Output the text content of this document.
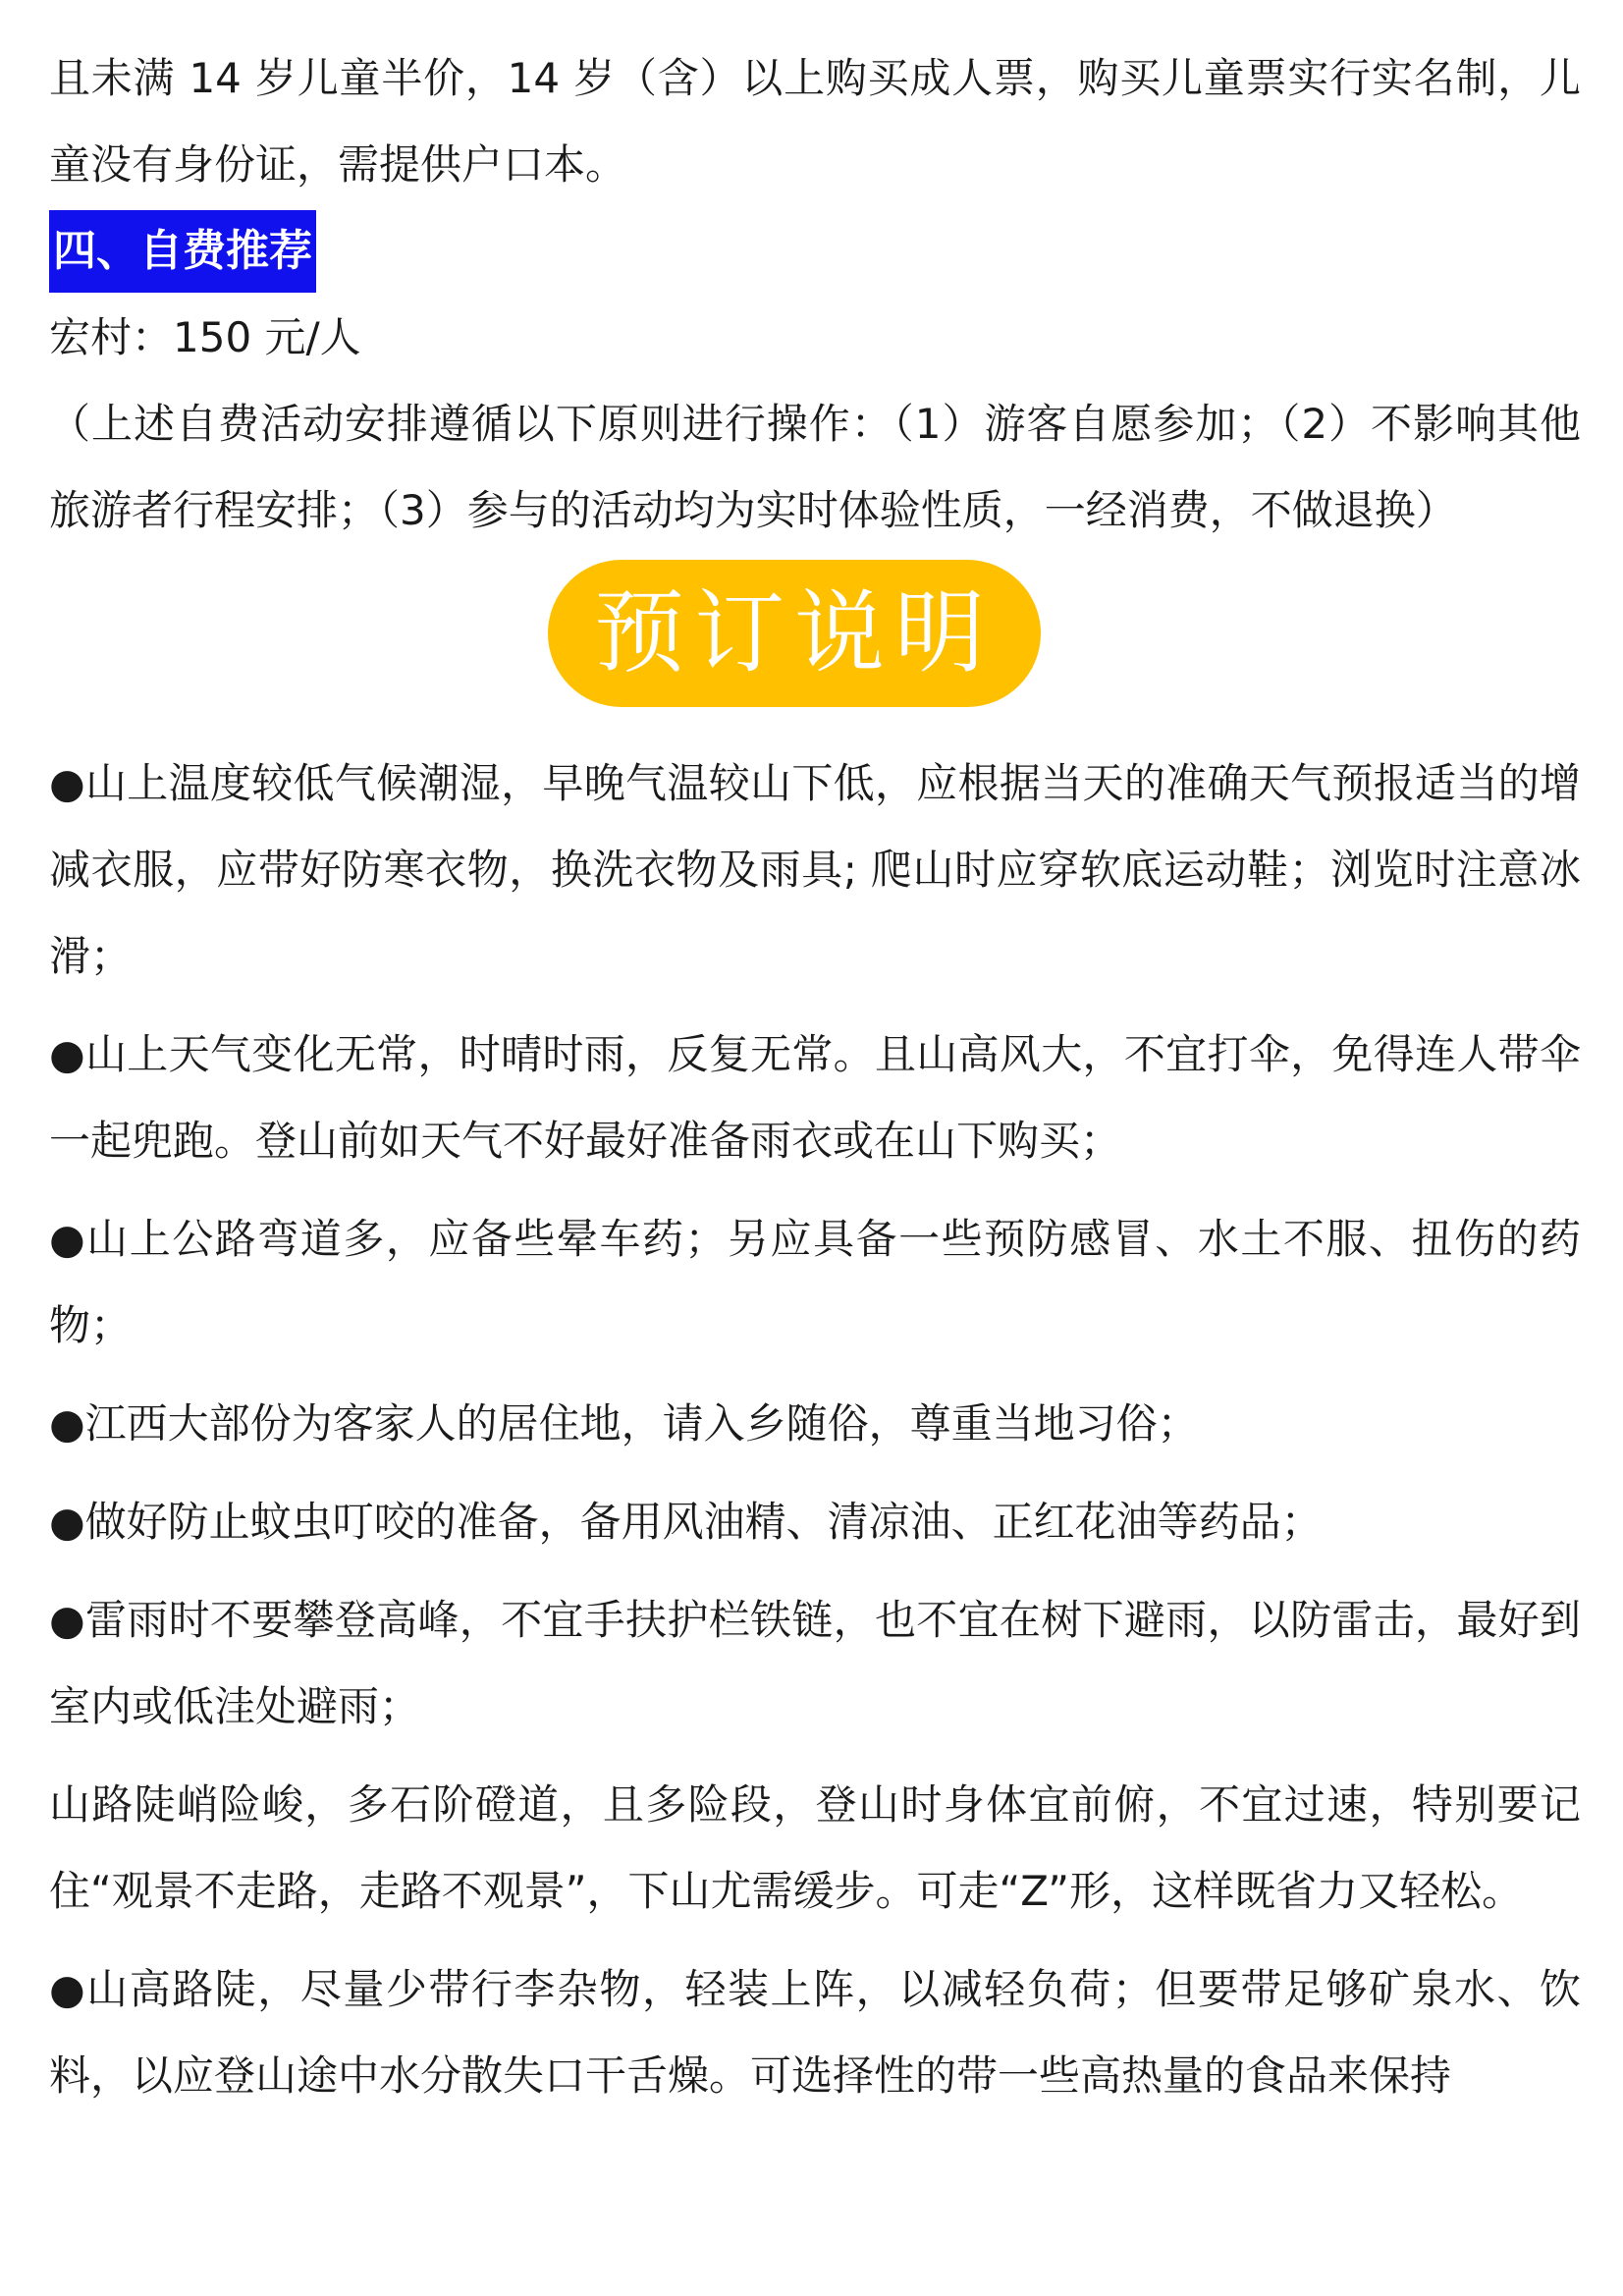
且未满 14 岁儿童半价，14 岁（含）以上购买成人票，购买儿童票实行实名制，儿童没有身份证，需提供户口本。

四、自费推荐

宏村：150 元/人

（上述自费活动安排遵循以下原则进行操作：（1）游客自愿参加；（2）不影响其他旅游者行程安排；（3）参与的活动均为实时体验性质，一经消费，不做退换）

预订说明

●山上温度较低气候潮湿，早晚气温较山下低，应根据当天的准确天气预报适当的增减衣服，应带好防寒衣物，换洗衣物及雨具; 爬山时应穿软底运动鞋；浏览时注意冰滑；

●山上天气变化无常，时晴时雨，反复无常。且山高风大，不宜打伞，免得连人带伞一起兜跑。登山前如天气不好最好准备雨衣或在山下购买；

●山上公路弯道多，应备些晕车药；另应具备一些预防感冒、水土不服、扭伤的药物；

●江西大部份为客家人的居住地，请入乡随俗，尊重当地习俗；

●做好防止蚊虫叮咬的准备，备用风油精、清凉油、正红花油等药品；

●雷雨时不要攀登高峰，不宜手扶护栏铁链，也不宜在树下避雨，以防雷击，最好到室内或低洼处避雨；

山路陡峭险峻，多石阶磴道，且多险段，登山时身体宜前俯，不宜过速，特别要记住“观景不走路，走路不观景”，下山尤需缓步。可走“Z”形，这样既省力又轻松。

●山高路陡，尽量少带行李杂物，轻装上阵，以减轻负荷；但要带足够矿泉水、饮料，以应登山途中水分散失口干舌燥。可选择性的带一些高热量的食品来保持
